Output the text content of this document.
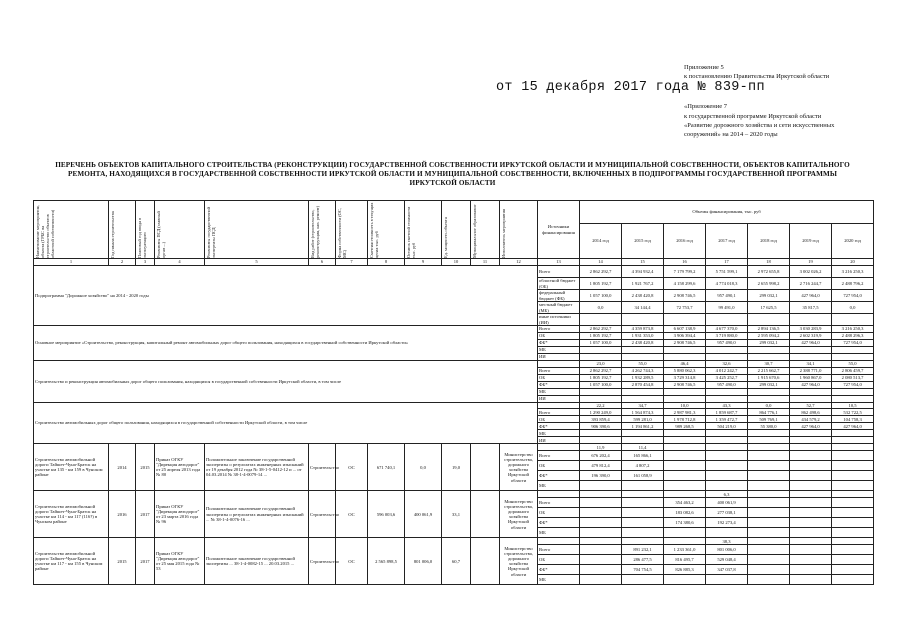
Приложение 5
к постановлению Правительства Иркутской области
от 15 декабря 2017 года № 839-пп
«Приложение 7
к государственной программе Иркутской области
«Развитие дорожного хозяйства и сети искусственных
сооружений» на 2014 – 2020 годы
ПЕРЕЧЕНЬ ОБЪЕКТОВ КАПИТАЛЬНОГО СТРОИТЕЛЬСТВА (РЕКОНСТРУКЦИИ) ГОСУДАРСТВЕННОЙ СОБСТВЕННОСТИ ИРКУТСКОЙ ОБЛАСТИ И МУНИЦИПАЛЬНОЙ СОБСТВЕННОСТИ, ОБЪЕКТОВ КАПИТАЛЬНОГО
РЕМОНТА, НАХОДЯЩИХСЯ В ГОСУДАРСТВЕННОЙ СОБСТВЕННОСТИ ИРКУТСКОЙ ОБЛАСТИ И МУНИЦИПАЛЬНОЙ СОБСТВЕННОСТИ, ВКЛЮЧЕННЫХ В ПОДПРОГРАММЫ ГОСУДАРСТВЕННОЙ ПРОГРАММЫ
ИРКУТСКОЙ ОБЛАСТИ
Наименование мероприятия, объекта (ГРБС на строительство объектов областной собственности)	Год начала строительства	Плановый год ввода в эксплуатацию	Реквизиты ПСД (главный орган ...)	Реквизиты государственной экспертизы ПСД	Вид работ (строительство, реконструкция, кап. ремонт)	Форма собственности (ОС, МС)	Сметная стоимость в текущих ценах тыс. руб	Остаток сметной стоимости тыс. руб	Ед. мощность объекта	Муниципальное образование	Исполнитель мероприятия	Источники финансирования	Объемы финансирования, тыс. руб						
													2014 год	2015 год	2016 год	2017 год	2018 год	2019 год	2020 год
1	2	3	4	5	6	7	8	9	10	11	12	13	14	15	16	17	18	19	20
Подпрограмма "Дорожное хозяйство" на 2014 - 2020 годы												Всего	2 862 292,7	4 394 932,4	7 179 799,2	5 751 599,1	2 972 655,8	3 002 026,2	3 216 250,3
												областной бюджет (ОБ)	1 805 192,7	1 921 767,2	4 158 299,6	4 774 018,3	2 655 998,2	2 716 244,7	2 488 796,2
												федеральный бюджет (ФБ)	1 057 100,0	2 438 420,8	2 908 746,5	957 490,1	299 032,1	427 964,0	727 954,0
												местный бюджет (МБ)	0,0	34 144,4	72 753,7	99 491,0	17 625,5	35 817,5	0,0
												иные источники (ИИ)							
Основное мероприятие «Строительство, реконструкция, капитальный ремонт автомобильных дорог общего пользования, находящихся в государственной собственности Иркутской области»												Всего	2 862 292,7	4 359 873,8	6 607 138,9	4 677 370,0	2 894 136,5	3 030 283,9	3 216 250,3
												ОБ	1 805 192,7	1 931 353,0	3 906 394,4	3 719 880,0	2 595 094,2	2 602 319,9	2 488 296,3
												ФБ*	1 057 100,0	2 438 420,8	2 908 746,5	957 490,0	299 032,1	427 964,0	727 954,0
												МБ							
												ИИ							
Строительство и реконструкция автомобильных дорог общего пользования, находящихся в государственной собственности Иркутской области, в том числе													23,0	55,0	46,4	32,6	30,7	34,1	55,0
												Всего	2 862 292,7	4 262 744,3	5 880 062,3	4 012 242,7	2 215 662,7	2 388 771,0	2 806 459,7
												ОБ	1 805 192,7	1 932 289,5	3 729 314,8	3 425 252,7	1 915 670,6	1 960 867,0	2 080 513,7
												ФБ*	1 057 100,0	2 870 454,8	2 908 746,5	957 490,0	299 032,1	427 964,0	727 954,0
												МБ							
												ИИ							
Строительство автомобильных дорог общего пользования, находящихся в государственной собственности Иркутской области, в том числе													22,2	34,7	10,0	43,3	0,0	52,7	10,5
												Всего	1 290 249,0	1 564 874,3	2 987 981,3	1 859 687,7	864 776,1	862 498,6	532 722,5
												ОБ	393 859,4	599 281,0	1 978 712,8	1 359 472,7	509 769,1	434 579,2	104 758,3
												ФБ*	906 390,6	1 194 861,2	989 268,5	504 219,0	55 380,0	427 964,0	427 964,0
												МБ							
												ИИ							
Строительство автомобильной дороги Тайшет-Чуна-Братск на участке км 135 - км 159 в Чунском районе	2014	2015	Приказ ОГКУ "Дирекция автодорог" от 25 апреля 2013 года № 80	Положительное заключение государственной экспертизы о результатах инженерных изысканий от 19 декабря 2012 года № 38-1-5-0412-12 и ... от 04.03.2014 № 38-1-4-0079-14 ...	Строительство	ОС	671 740,1	0,0	19,0		Министерство строительства, дорожного хозяйства Иркутской области		11,9	11,4					
												Всего	676 202,4	165 866,1					
												ОБ	479 812,4	4 807,2					
												ФБ*	196 390,0	161 058,9					
												МБ							
Строительство автомобильной дороги Тайшет-Чуна-Братск на участке км 114 - км 117 (116?) в Чунском районе	2016	2017	Приказ ОГКУ "Дирекция автодорог" от 23 марта 2016 года № 96	Положительное заключение государственной экспертизы о результатах инженерных изысканий ... № 38-1-4-0076-16 ...	Строительство	ОС	596 003,6	400 061,9	33,1		Министерство строительства, дорожного хозяйства Иркутской области					6,3			
												Всего			354 463,2	400 061,9			
												ОБ			183 082,6	277 038,1			
												ФБ*			174 380,6	192 273,4			
												МБ							
Строительство автомобильной дороги Тайшет-Чуна-Братск на участке км 117 - км 155 в Чунском районе	2015	2017	Приказ ОГКУ "Дирекция автодорог" от 25 мая 2015 года № 53	Положительное заключение государственной экспертизы ... 38-1-4-0082-15 ... 20.03.2015 ...	Строительство	ОС	2 565 898,5	801 006,0	60,7		Министерство строительства, дорожного хозяйства Иркутской области					38,3			
												Всего		891 232,1	1 233 361,0	801 006,0			
												ОБ		286 477,5	816 495,7	529 048,4			
												ФБ*		704 754,5	826 885,3	347 037,8			
												МБ							
